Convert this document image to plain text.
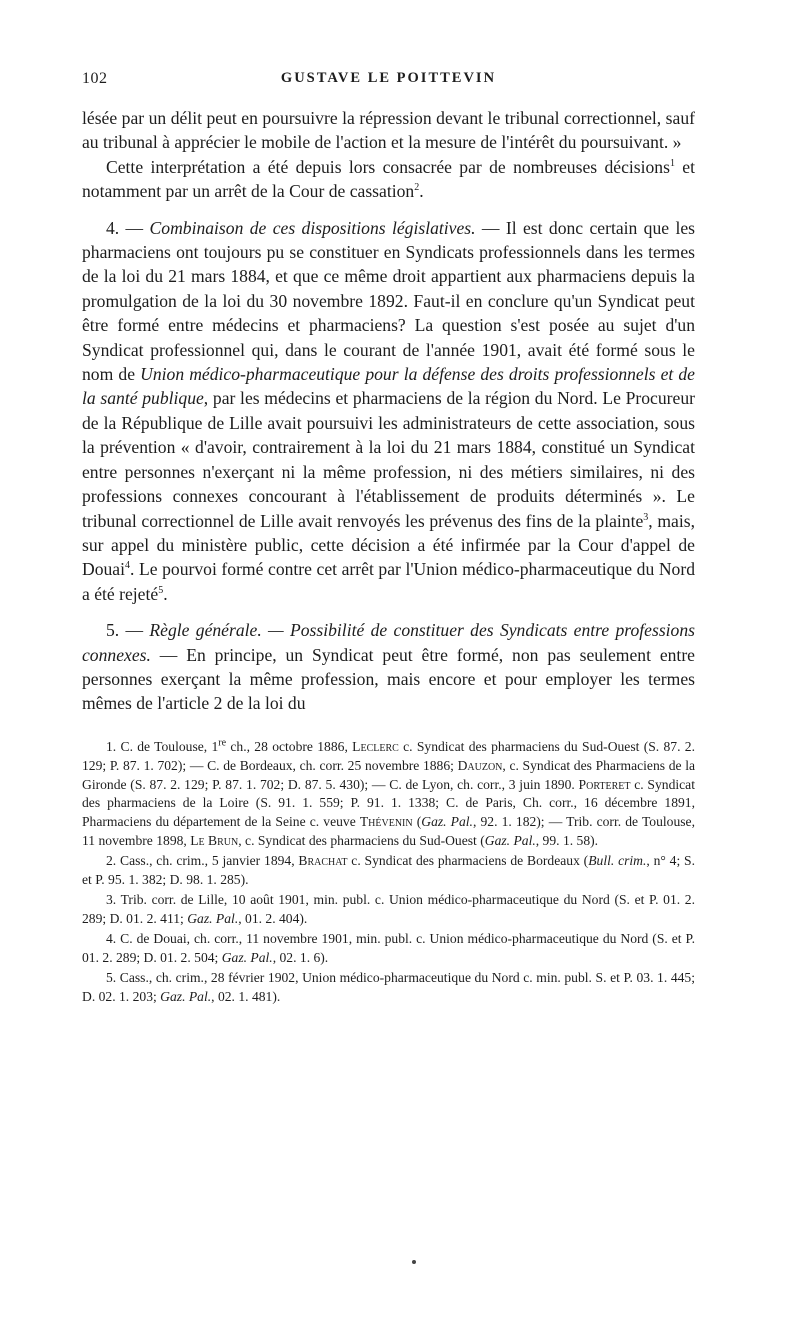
102	GUSTAVE LE POITTEVIN

lésée par un délit peut en poursuivre la répression devant le tribunal correctionnel, sauf au tribunal à apprécier le mobile de l'action et la mesure de l'intérêt du poursuivant. »

Cette interprétation a été depuis lors consacrée par de nombreuses décisions$^1$ et notamment par un arrêt de la Cour de cassation$^2$.

4. — Combinaison de ces dispositions législatives. — Il est donc certain que les pharmaciens ont toujours pu se constituer en Syndicats professionnels dans les termes de la loi du 21 mars 1884, et que ce même droit appartient aux pharmaciens depuis la promulgation de la loi du 30 novembre 1892. Faut-il en conclure qu'un Syndicat peut être formé entre médecins et pharmaciens? La question s'est posée au sujet d'un Syndicat professionnel qui, dans le courant de l'année 1901, avait été formé sous le nom de Union médico-pharmaceutique pour la défense des droits professionnels et de la santé publique, par les médecins et pharmaciens de la région du Nord. Le Procureur de la République de Lille avait poursuivi les administrateurs de cette association, sous la prévention « d'avoir, contrairement à la loi du 21 mars 1884, constitué un Syndicat entre personnes n'exerçant ni la même profession, ni des métiers similaires, ni des professions connexes concourant à l'établissement de produits déterminés ». Le tribunal correctionnel de Lille avait renvoyés les prévenus des fins de la plainte$^3$, mais, sur appel du ministère public, cette décision a été infirmée par la Cour d'appel de Douai$^4$. Le pourvoi formé contre cet arrêt par l'Union médico-pharmaceutique du Nord a été rejeté$^5$.

5. — Règle générale. — Possibilité de constituer des Syndicats entre professions connexes. — En principe, un Syndicat peut être formé, non pas seulement entre personnes exerçant la même profession, mais encore et pour employer les termes mêmes de l'article 2 de la loi du

1. C. de Toulouse, 1re ch., 28 octobre 1886, Leclerc c. Syndicat des pharmaciens du Sud-Ouest (S. 87. 2. 129; P. 87. 1. 702); — C. de Bordeaux, ch. corr. 25 novembre 1886; Dauzon, c. Syndicat des Pharmaciens de la Gironde (S. 87. 2. 129; P. 87. 1. 702; D. 87. 5. 430); — C. de Lyon, ch. corr., 3 juin 1890. Porteret c. Syndicat des pharmaciens de la Loire (S. 91. 1. 559; P. 91. 1. 1338; C. de Paris, Ch. corr., 16 décembre 1891, Pharmaciens du département de la Seine c. veuve Thévenin (Gaz. Pal., 92. 1. 182); — Trib. corr. de Toulouse, 11 novembre 1898, Le Brun, c. Syndicat des pharmaciens du Sud-Ouest (Gaz. Pal., 99. 1. 58).

2. Cass., ch. crim., 5 janvier 1894, Brachat c. Syndicat des pharmaciens de Bordeaux (Bull. crim., n° 4; S. et P. 95. 1. 382; D. 98. 1. 285).

3. Trib. corr. de Lille, 10 août 1901, min. publ. c. Union médico-pharmaceutique du Nord (S. et P. 01. 2. 289; D. 01. 2. 411; Gaz. Pal., 01. 2. 404).

4. C. de Douai, ch. corr., 11 novembre 1901, min. publ. c. Union médico-pharmaceutique du Nord (S. et P. 01. 2. 289; D. 01. 2. 504; Gaz. Pal., 02. 1. 6).

5. Cass., ch. crim., 28 février 1902, Union médico-pharmaceutique du Nord c. min. publ. S. et P. 03. 1. 445; D. 02. 1. 203; Gaz. Pal., 02. 1. 481).
